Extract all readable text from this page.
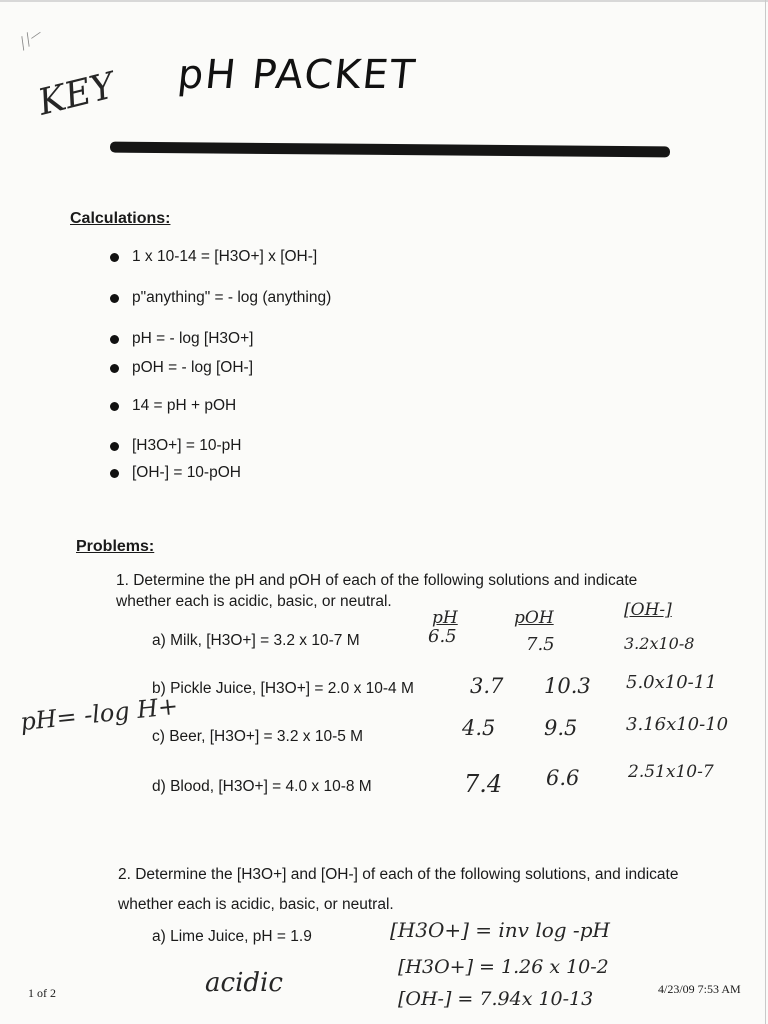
╱╱—
KEY pH PACKET
Calculations:
1 x 10-14 = [H3O+] x [OH-]
p"anything" = - log (anything)
pH = - log [H3O+]
pOH = - log [OH-]
14 = pH + pOH
[H3O+] = 10-pH
[OH-] = 10-pOH
Problems:
1. Determine the pH and pOH of each of the following solutions and indicate whether each is acidic, basic, or neutral.
pH	pOH	[OH-]
a) Milk, [H3O+] = 3.2 x 10-7 M	6.5	7.5	3.2x10-8
b) Pickle Juice, [H3O+] = 2.0 x 10-4 M	3.7 10.3 5.0x10-11
pH= -log H+
c) Beer, [H3O+] = 3.2 x 10-5 M	4.5 9.5	3.16x10-10
d) Blood, [H3O+] = 4.0 x 10-8 M	7.4 6.6	2.51x10-7
2. Determine the [H3O+] and [OH-] of each of the following solutions, and indicate whether each is acidic, basic, or neutral.
a) Lime Juice, pH = 1.9	[H3O+] = inv log -pH
[H3O+] = 1.26 x 10-2
[OH-] = 7.94x 10-13
acidic
1 of 2	4/23/09 7:53 AM
